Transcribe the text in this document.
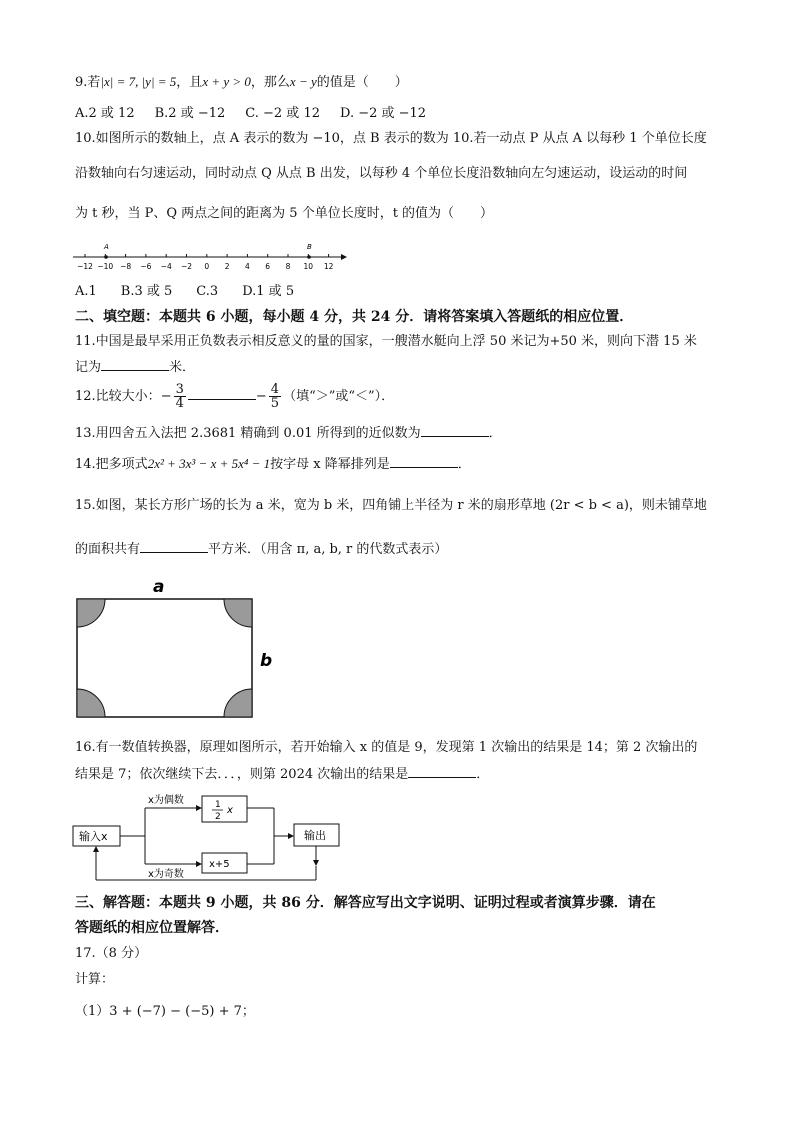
9.若|x| = 7, |y| = 5，且x + y > 0，那么x − y的值是（　　）
A.2 或 12 B.2 或 −12 C. −2 或 12 D. −2 或 −12
10.如图所示的数轴上，点 A 表示的数为 −10，点 B 表示的数为 10.若一动点 P 从点 A 以每秒 1 个单位长度
沿数轴向右匀速运动，同时动点 Q 从点 B 出发，以每秒 4 个单位长度沿数轴向左匀速运动，设运动的时间
为 t 秒，当 P、Q 两点之间的距离为 5 个单位长度时，t 的值为（　　）
−12 −10 −8 −6 −4 −2 0 2 4 6 8 10 12
A	B
A.1 B.3 或 5 C.3 D.1 或 5
二、填空题：本题共 6 小题，每小题 4 分，共 24 分．请将答案填入答题纸的相应位置．
11.中国是最早采用正负数表示相反意义的量的国家，一艘潜水艇向上浮 50 米记为+50 米，则向下潜 15 米
记为	米．
12.比较大小：− $\frac{3}{4}$	− $\frac{4}{5}$ （填“＞”或“＜”）．
13.用四舍五入法把 2.3681 精确到 0.01 所得到的近似数为	．
14.把多项式2x² + 3x³ − x + 5x⁴ − 1按字母 x 降幂排列是	．
15.如图，某长方形广场的长为 a 米，宽为 b 米，四角铺上半径为 r 米的扇形草地 (2r < b < a)，则未铺草地
的面积共有	平方米．（用含 π, a, b, r 的代数式表示）
a
b
16.有一数值转换器，原理如图所示，若开始输入 x 的值是 9，发现第 1 次输出的结果是 14；第 2 次输出的
结果是 7；依次继续下去．．．，则第 2024 次输出的结果是	．
输入x
x为偶数
x为奇数
1
2
x
x+5
输出
三、解答题：本题共 9 小题，共 86 分．解答应写出文字说明、证明过程或者演算步骤．请在
答题纸的相应位置解答．
17.（8 分）
计算：
（1）3 + (−7) − (−5) + 7；
